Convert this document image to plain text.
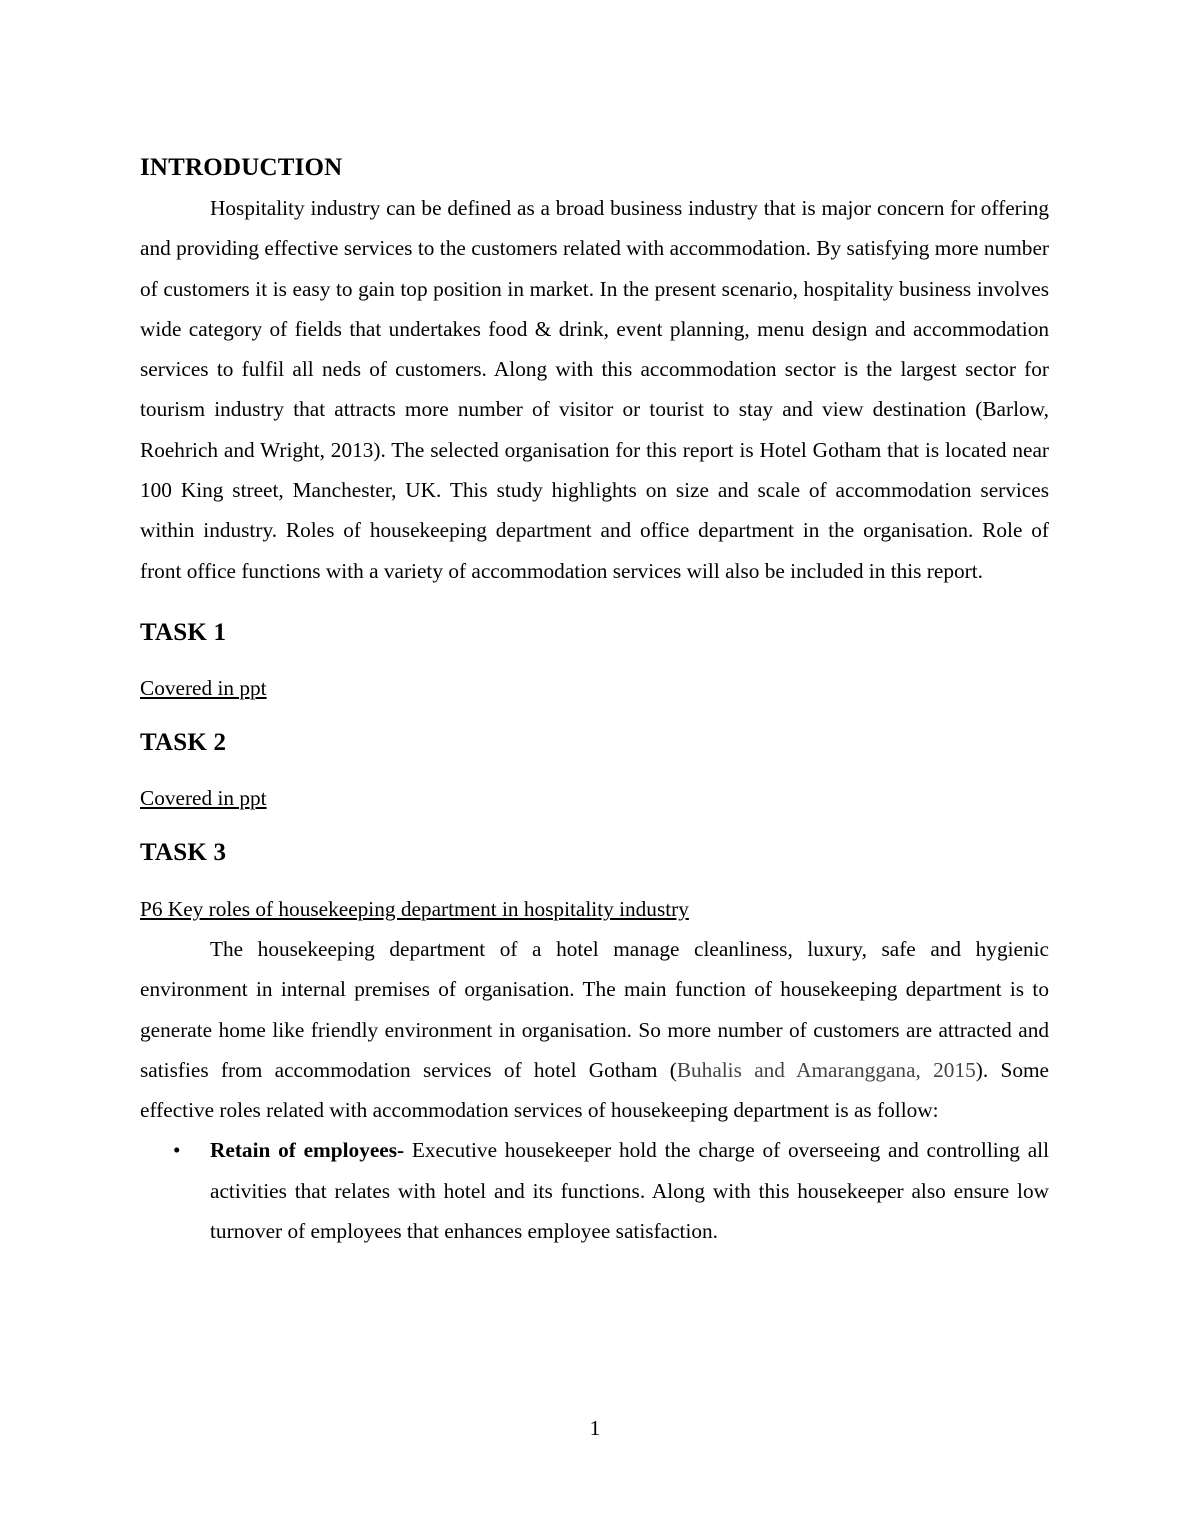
INTRODUCTION

Hospitality industry can be defined as a broad business industry that is major concern for offering and providing effective services to the customers related with accommodation. By satisfying more number of customers it is easy to gain top position in market. In the present scenario, hospitality business involves wide category of fields that undertakes food & drink, event planning, menu design and accommodation services to fulfil all neds of customers. Along with this accommodation sector is the largest sector for tourism industry that attracts more number of visitor or tourist to stay and view destination (Barlow, Roehrich and Wright, 2013). The selected organisation for this report is Hotel Gotham that is located near 100 King street, Manchester, UK. This study highlights on size and scale of accommodation services within industry. Roles of housekeeping department and office department in the organisation. Role of front office functions with a variety of accommodation services will also be included in this report.

TASK 1

Covered in ppt

TASK 2

Covered in ppt

TASK 3

P6 Key roles of housekeeping department in hospitality industry

The housekeeping department of a hotel manage cleanliness, luxury, safe and hygienic environment in internal premises of organisation. The main function of housekeeping department is to generate home like friendly environment in organisation. So more number of customers are attracted and satisfies from accommodation services of hotel Gotham (Buhalis and Amaranggana, 2015). Some effective roles related with accommodation services of housekeeping department is as follow:

• Retain of employees- Executive housekeeper hold the charge of overseeing and controlling all activities that relates with hotel and its functions. Along with this housekeeper also ensure low turnover of employees that enhances employee satisfaction.
1
